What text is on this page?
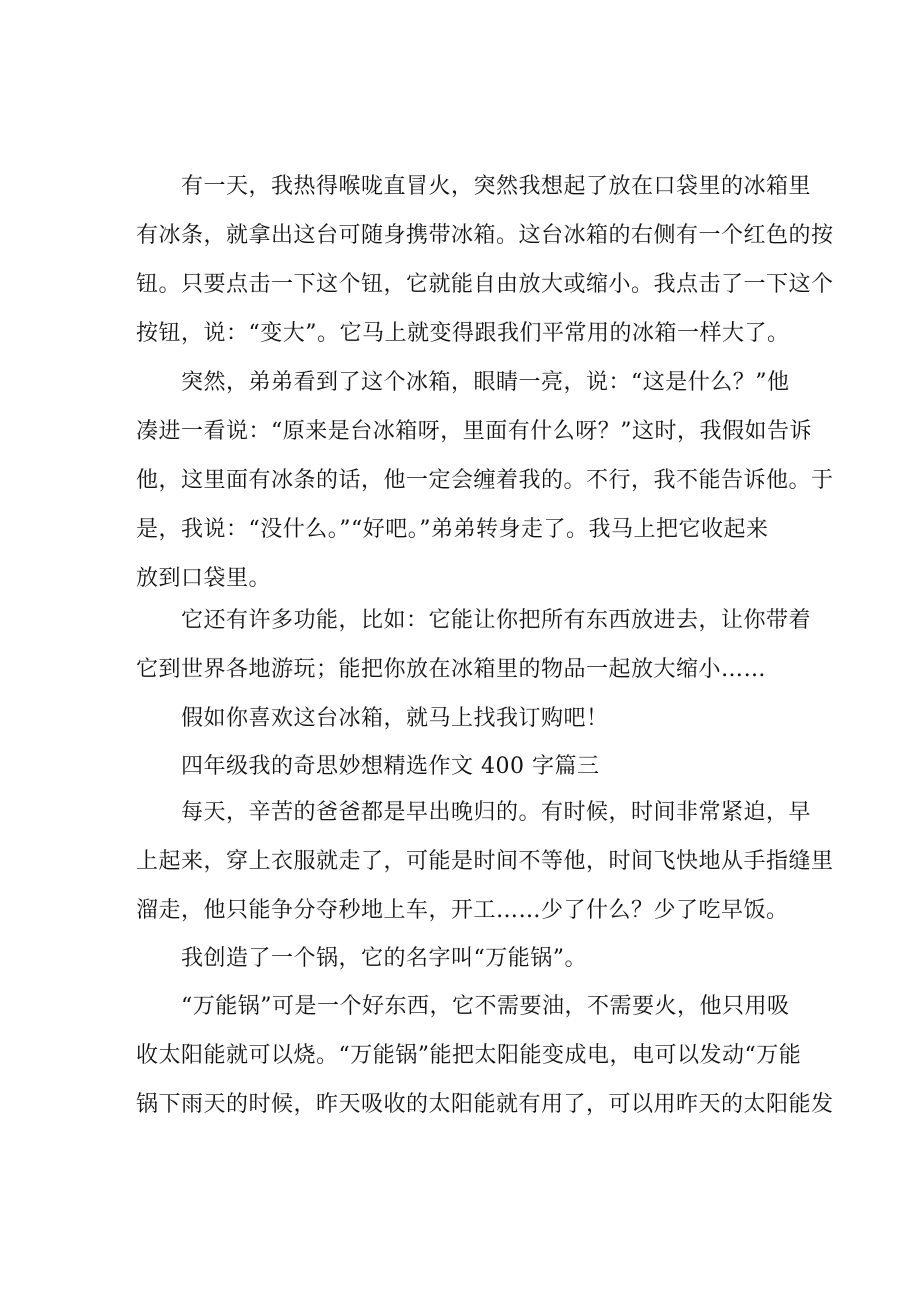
有一天，我热得喉咙直冒火，突然我想起了放在口袋里的冰箱里
有冰条，就拿出这台可随身携带冰箱。这台冰箱的右侧有一个红色的按
钮。只要点击一下这个钮，它就能自由放大或缩小。我点击了一下这个
按钮，说：“变大”。它马上就变得跟我们平常用的冰箱一样大了。
突然，弟弟看到了这个冰箱，眼睛一亮，说：“这是什么？”他
凑进一看说：“原来是台冰箱呀，里面有什么呀？”这时，我假如告诉
他，这里面有冰条的话，他一定会缠着我的。不行，我不能告诉他。于
是，我说：“没什么。”“好吧。”弟弟转身走了。我马上把它收起来
放到口袋里。
它还有许多功能，比如：它能让你把所有东西放进去，让你带着
它到世界各地游玩；能把你放在冰箱里的物品一起放大缩小……
假如你喜欢这台冰箱，就马上找我订购吧！
四年级我的奇思妙想精选作文 400 字篇三
每天，辛苦的爸爸都是早出晚归的。有时候，时间非常紧迫，早
上起来，穿上衣服就走了，可能是时间不等他，时间飞快地从手指缝里
溜走，他只能争分夺秒地上车，开工……少了什么？少了吃早饭。
我创造了一个锅，它的名字叫“万能锅”。
“万能锅”可是一个好东西，它不需要油，不需要火，他只用吸
收太阳能就可以烧。“万能锅”能把太阳能变成电，电可以发动“万能
锅下雨天的时候，昨天吸收的太阳能就有用了，可以用昨天的太阳能发
